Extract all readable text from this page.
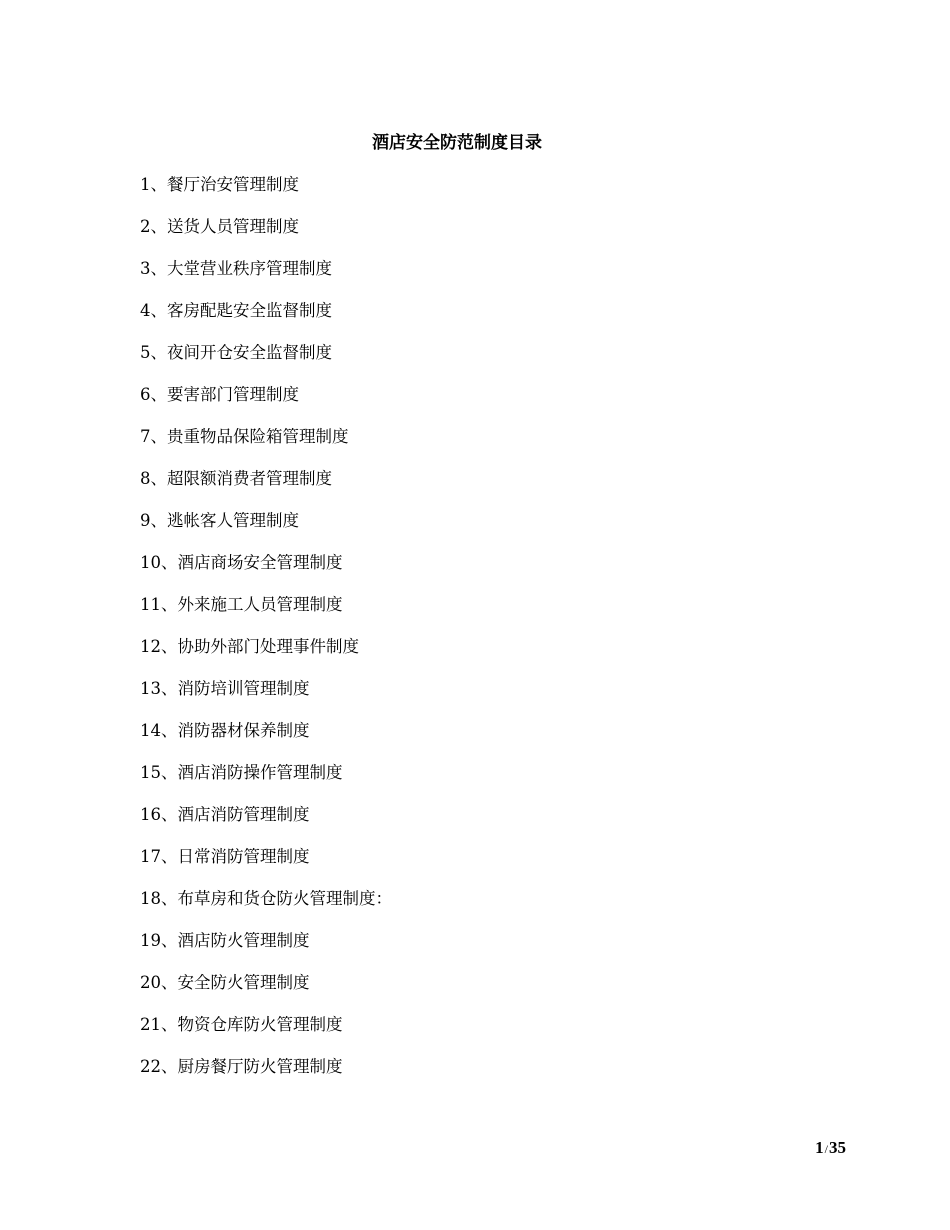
酒店安全防范制度目录
1、餐厅治安管理制度
2、送货人员管理制度
3、大堂营业秩序管理制度
4、客房配匙安全监督制度
5、夜间开仓安全监督制度
6、要害部门管理制度
7、贵重物品保险箱管理制度
8、超限额消费者管理制度
9、逃帐客人管理制度
10、酒店商场安全管理制度
11、外来施工人员管理制度
12、协助外部门处理事件制度
13、消防培训管理制度
14、消防器材保养制度
15、酒店消防操作管理制度
16、酒店消防管理制度
17、日常消防管理制度
18、布草房和货仓防火管理制度：
19、酒店防火管理制度
20、安全防火管理制度
21、物资仓库防火管理制度
22、厨房餐厅防火管理制度
1/35
